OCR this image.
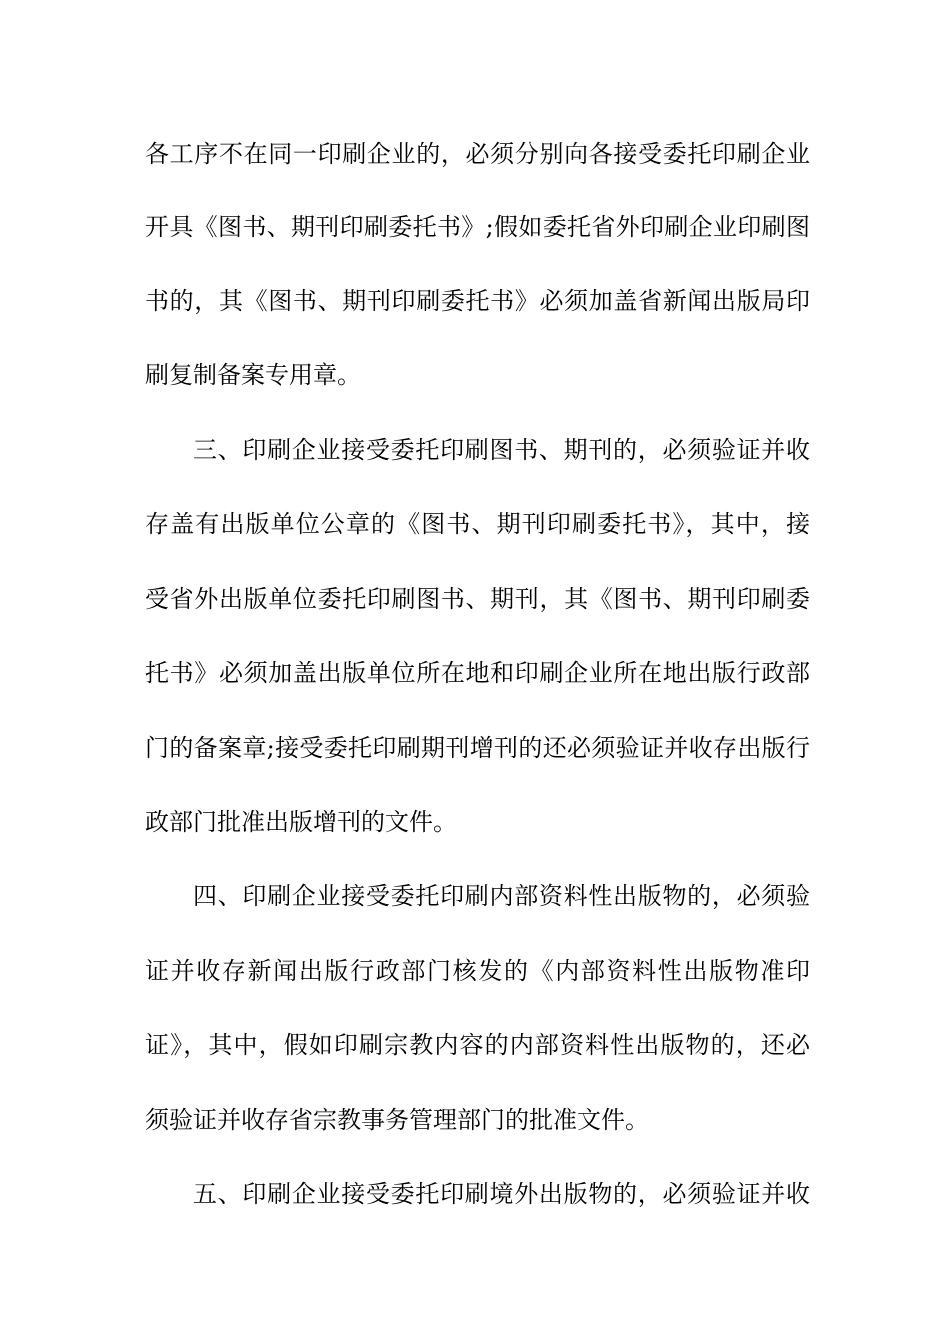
各工序不在同一印刷企业的，必须分别向各接受委托印刷企业
开具《图书、期刊印刷委托书》;假如委托省外印刷企业印刷图
书的，其《图书、期刊印刷委托书》必须加盖省新闻出版局印
刷复制备案专用章。
三、印刷企业接受委托印刷图书、期刊的，必须验证并收
存盖有出版单位公章的《图书、期刊印刷委托书》，其中，接
受省外出版单位委托印刷图书、期刊，其《图书、期刊印刷委
托书》必须加盖出版单位所在地和印刷企业所在地出版行政部
门的备案章;接受委托印刷期刊增刊的还必须验证并收存出版行
政部门批准出版增刊的文件。
四、印刷企业接受委托印刷内部资料性出版物的，必须验
证并收存新闻出版行政部门核发的《内部资料性出版物准印
证》，其中，假如印刷宗教内容的内部资料性出版物的，还必
须验证并收存省宗教事务管理部门的批准文件。
五、印刷企业接受委托印刷境外出版物的，必须验证并收
